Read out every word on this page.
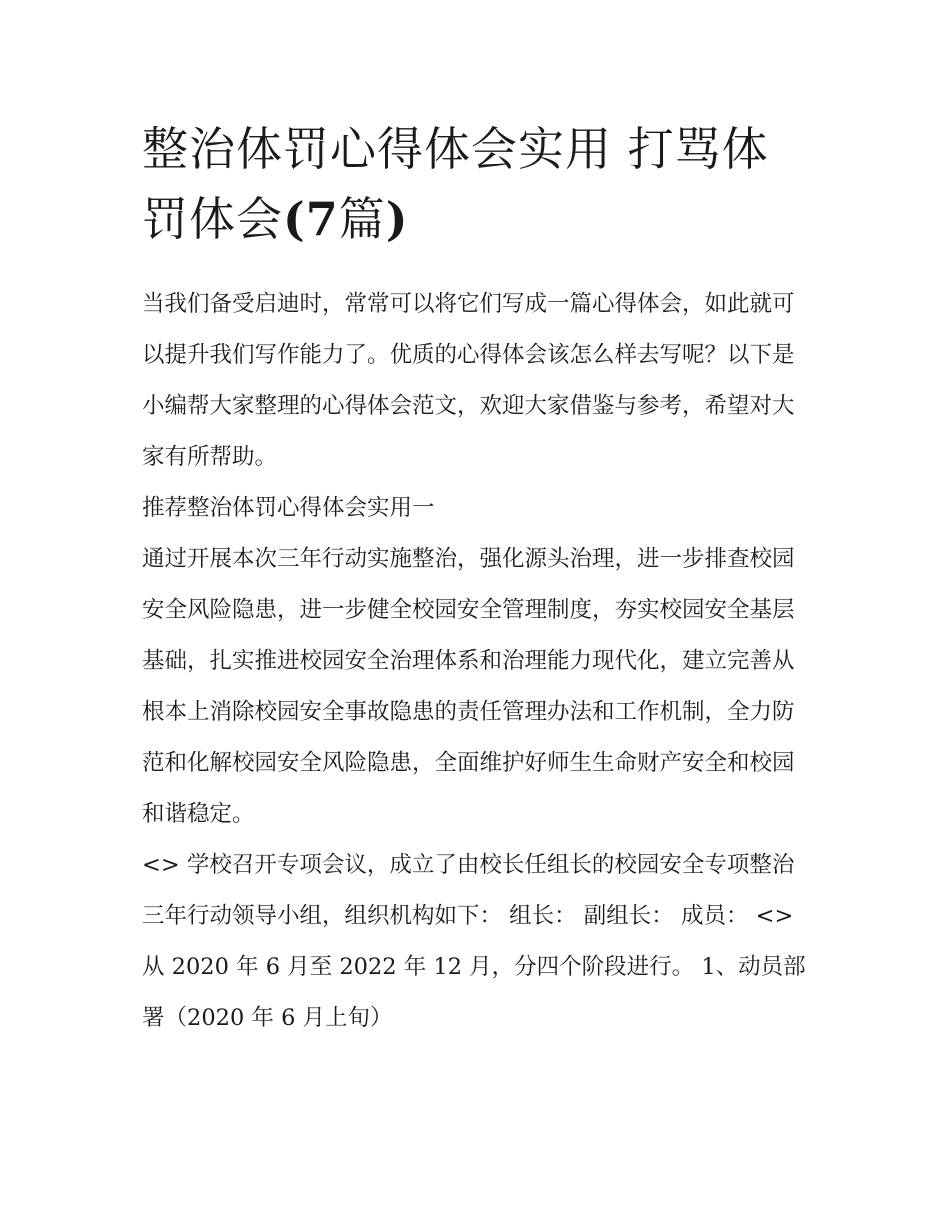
整治体罚心得体会实用 打骂体罚体会(7篇)

当我们备受启迪时，常常可以将它们写成一篇心得体会，如此就可以提升我们写作能力了。优质的心得体会该怎么样去写呢？以下是小编帮大家整理的心得体会范文，欢迎大家借鉴与参考，希望对大家有所帮助。

推荐整治体罚心得体会实用一

通过开展本次三年行动实施整治，强化源头治理，进一步排查校园安全风险隐患，进一步健全校园安全管理制度，夯实校园安全基层基础，扎实推进校园安全治理体系和治理能力现代化，建立完善从根本上消除校园安全事故隐患的责任管理办法和工作机制，全力防范和化解校园安全风险隐患，全面维护好师生生命财产安全和校园和谐稳定。

<> 学校召开专项会议，成立了由校长任组长的校园安全专项整治三年行动领导小组，组织机构如下： 组长： 副组长： 成员： <>

从 2020 年 6 月至 2022 年 12 月，分四个阶段进行。 1、动员部署（2020 年 6 月上旬）
